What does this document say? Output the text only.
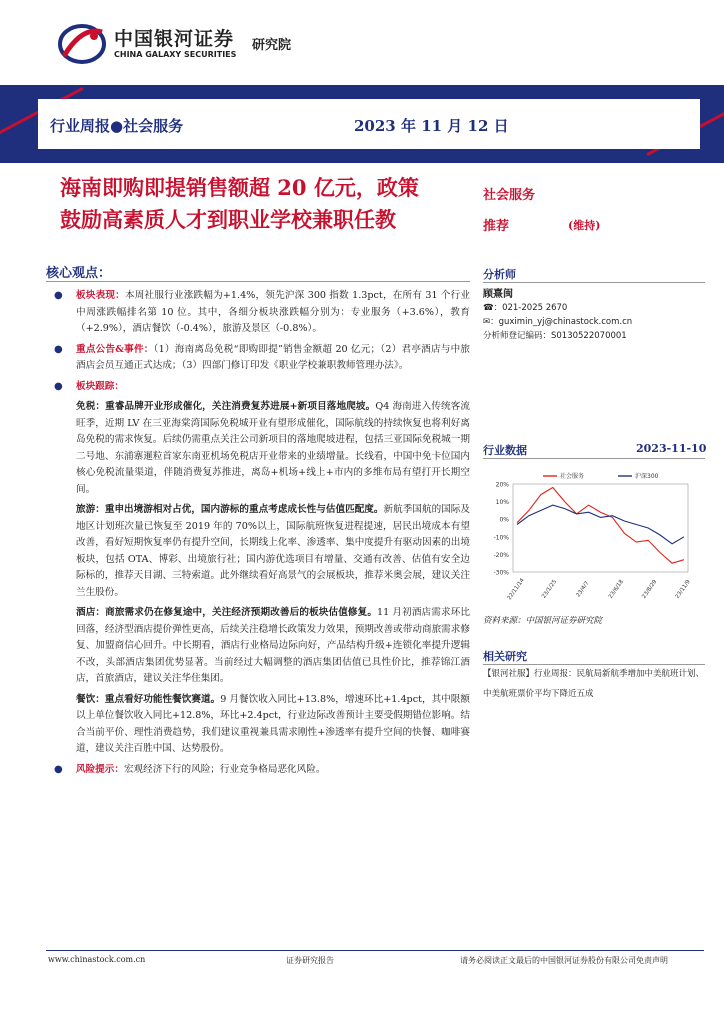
中国银河证券
CHINA GALAXY SECURITIES
研究院
行业周报●社会服务	2023 年 11 月 12 日
海南即购即提销售额超 20 亿元，政策
鼓励高素质人才到职业学校兼职任教
社会服务
推荐	(维持)
分析师
顾熹闽
☎：021-2025 2670
✉：guximin_yj@chinastock.com.cn
分析师登记编码：S0130522070001
行业数据	2023-11-10
20%
10%
0%
-10%
-20%
-30%
22/11/14	23/1/25	23/4/7	23/6/18	23/8/29	23/11/9
社会服务	沪深300
资料来源：中国银河证券研究院
相关研究
【银河社服】行业周报：民航局新航季增加中美航班计划、中美航班票价平均下降近五成
核心观点：
● 板块表现：本周社服行业涨跌幅为+1.4%，领先沪深 300 指数 1.3pct，在所有 31 个行业中周涨跌幅排名第 10 位。其中，各细分板块涨跌幅分别为：专业服务（+3.6%），教育（+2.9%），酒店餐饮（-0.4%），旅游及景区（-0.8%）。
● 重点公告&事件：（1）海南离岛免税“即购即提”销售金额超 20 亿元；（2）君亭酒店与中旅酒店会员互通正式达成；（3）四部门修订印发《职业学校兼职教师管理办法》。
● 板块跟踪：
免税：重睿品牌开业形成催化，关注消费复苏进展+新项目落地爬坡。Q4 海南进入传统客流旺季，近期 LV 在三亚海棠湾国际免税城开业有望形成催化，国际航线的持续恢复也将利好离岛免税的需求恢复。后续仍需重点关注公司新项目的落地爬坡进程，包括三亚国际免税城一期二号地、东浦寨暹粒首家东南亚机场免税店开业带来的业绩增量。长线看，中国中免卡位国内核心免税流量渠道，伴随消费复苏推进，离岛+机场+线上+市内的多维布局有望打开长期空间。
旅游：重申出境游相对占优，国内游标的重点考虑成长性与估值匹配度。新航季国航的国际及地区计划班次量已恢复至 2019 年的 70%以上，国际航班恢复进程提速，居民出境成本有望改善，看好短期恢复率仍有提升空间，长期线上化率、渗透率、集中度提升有驱动因素的出境板块，包括 OTA、博彩、出境旅行社；国内游优选项目有增量、交通有改善、估值有安全边际标的，推荐天目湖、三特索道。此外继续看好高景气的会展板块，推荐米奥会展，建议关注兰生股份。
酒店：商旅需求仍在修复途中，关注经济预期改善后的板块估值修复。11 月初酒店需求环比回落，经济型酒店提价弹性更高，后续关注稳增长政策发力效果，预期改善或带动商旅需求修复、加盟商信心回升。中长期看，酒店行业格局边际向好，产品结构升级+连锁化率提升逻辑不改，头部酒店集团优势显著。当前经过大幅调整的酒店集团估值已具性价比，推荐锦江酒店，首旅酒店，建议关注华住集团。
餐饮：重点看好功能性餐饮赛道。9 月餐饮收入同比+13.8%，增速环比+1.4pct，其中限额以上单位餐饮收入同比+12.8%，环比+2.4pct，行业边际改善预计主要受假期错位影响。结合当前平价、理性消费趋势，我们建议重视兼具需求刚性+渗透率有提升空间的快餐、咖啡赛道，建议关注百胜中国、达势股份。
● 风险提示：宏观经济下行的风险；行业竞争格局恶化风险。
www.chinastock.com.cn	证券研究报告	请务必阅读正文最后的中国银河证券股份有限公司免责声明
